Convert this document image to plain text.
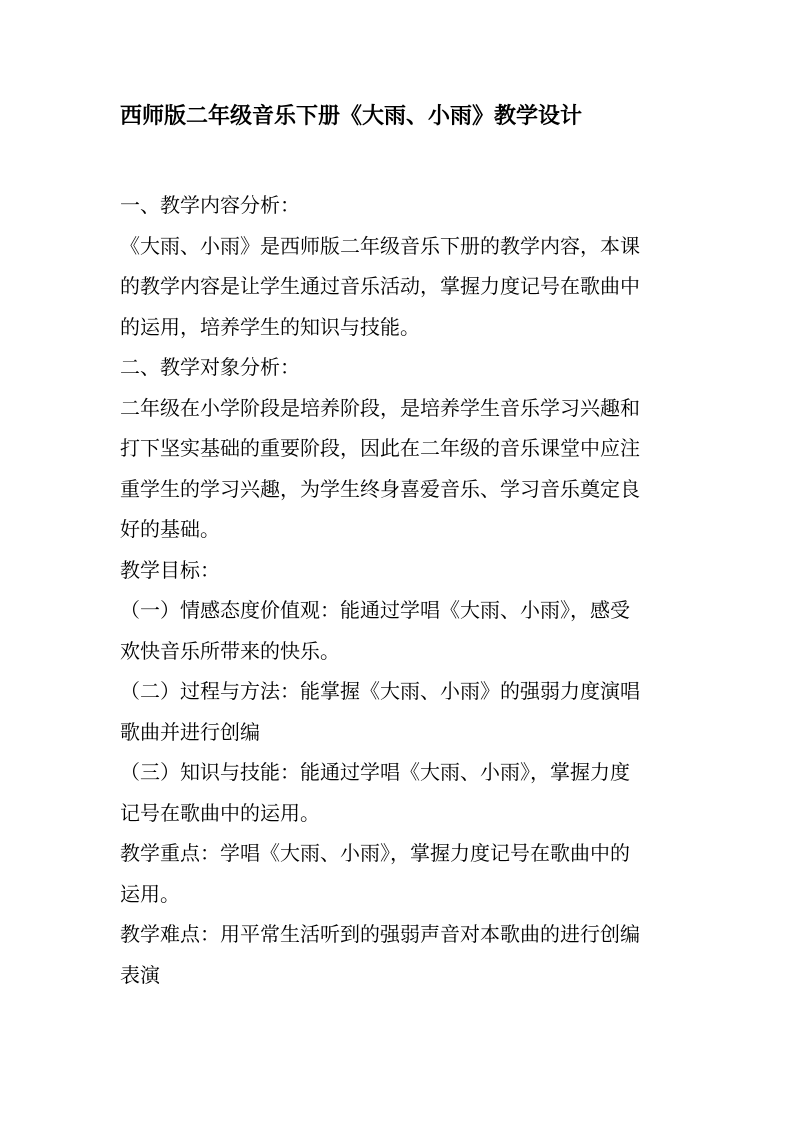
西师版二年级音乐下册《大雨、小雨》教学设计
一、教学内容分析：
《大雨、小雨》是西师版二年级音乐下册的教学内容，本课
的教学内容是让学生通过音乐活动，掌握力度记号在歌曲中
的运用，培养学生的知识与技能。
二、教学对象分析：
二年级在小学阶段是培养阶段，是培养学生音乐学习兴趣和
打下坚实基础的重要阶段，因此在二年级的音乐课堂中应注
重学生的学习兴趣，为学生终身喜爱音乐、学习音乐奠定良
好的基础。
教学目标：
（一）情感态度价值观：能通过学唱《大雨、小雨》，感受
欢快音乐所带来的快乐。
（二）过程与方法：能掌握《大雨、小雨》的强弱力度演唱
歌曲并进行创编
（三）知识与技能：能通过学唱《大雨、小雨》，掌握力度
记号在歌曲中的运用。
教学重点：学唱《大雨、小雨》，掌握力度记号在歌曲中的
运用。
教学难点：用平常生活听到的强弱声音对本歌曲的进行创编
表演
